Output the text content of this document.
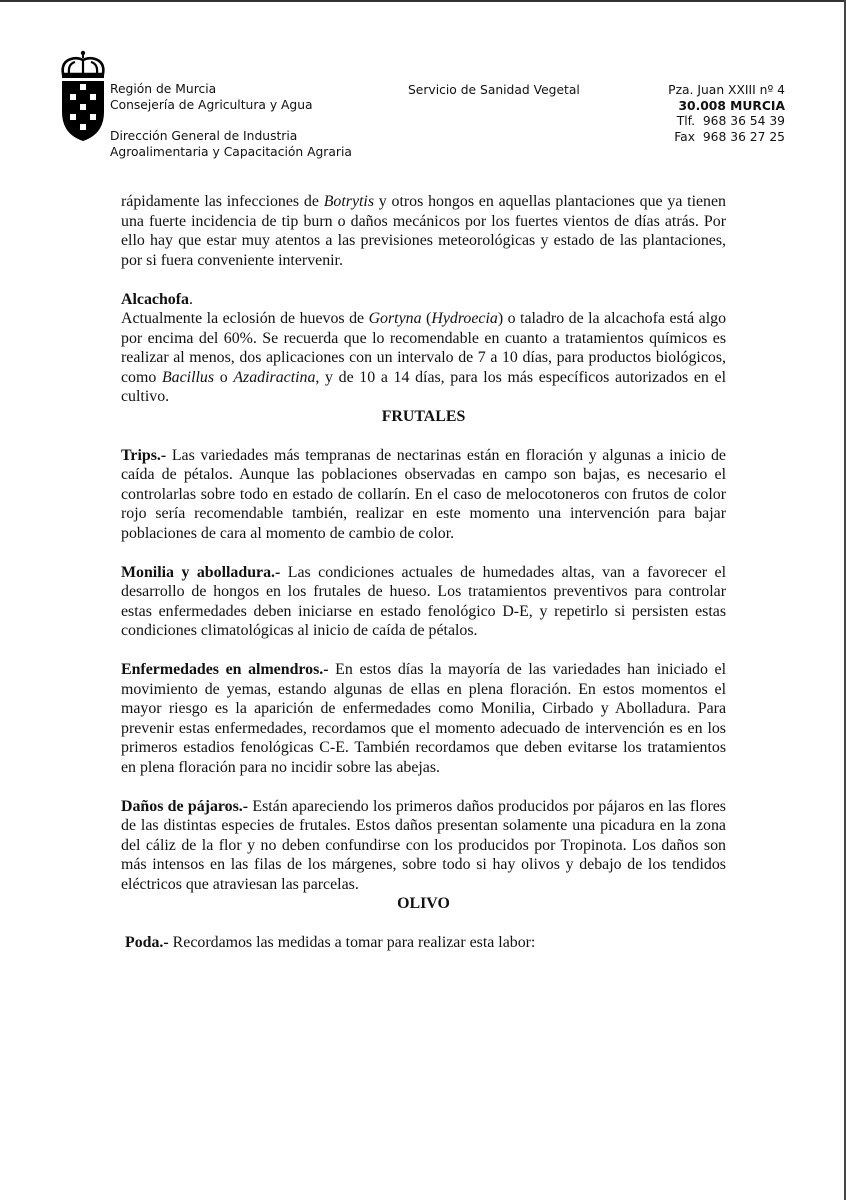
Región de Murcia
Consejería de Agricultura y Agua
Dirección General de Industria
Agroalimentaria y Capacitación Agraria
Servicio de Sanidad Vegetal	Pza. Juan XXIII nº 4
30.008 MURCIA
Tlf. 968 36 54 39
Fax 968 36 27 25

rápidamente las infecciones de Botrytis y otros hongos en aquellas plantaciones que ya tienen una fuerte incidencia de tip burn o daños mecánicos por los fuertes vientos de días atrás. Por ello hay que estar muy atentos a las previsiones meteorológicas y estado de las plantaciones, por si fuera conveniente intervenir.

Alcachofa.

Actualmente la eclosión de huevos de Gortyna (Hydroecia) o taladro de la alcachofa está algo por encima del 60%. Se recuerda que lo recomendable en cuanto a tratamientos químicos es realizar al menos, dos aplicaciones con un intervalo de 7 a 10 días, para productos biológicos, como Bacillus o Azadiractina, y de 10 a 14 días, para los más específicos autorizados en el cultivo.

FRUTALES

Trips.- Las variedades más tempranas de nectarinas están en floración y algunas a inicio de caída de pétalos. Aunque las poblaciones observadas en campo son bajas, es necesario el controlarlas sobre todo en estado de collarín. En el caso de melocotoneros con frutos de color rojo sería recomendable también, realizar en este momento una intervención para bajar poblaciones de cara al momento de cambio de color.

Monilia y abolladura.- Las condiciones actuales de humedades altas, van a favorecer el desarrollo de hongos en los frutales de hueso. Los tratamientos preventivos para controlar estas enfermedades deben iniciarse en estado fenológico D-E, y repetirlo si persisten estas condiciones climatológicas al inicio de caída de pétalos.

Enfermedades en almendros.- En estos días la mayoría de las variedades han iniciado el movimiento de yemas, estando algunas de ellas en plena floración. En estos momentos el mayor riesgo es la aparición de enfermedades como Monilia, Cirbado y Abolladura. Para prevenir estas enfermedades, recordamos que el momento adecuado de intervención es en los primeros estadios fenológicas C-E. También recordamos que deben evitarse los tratamientos en plena floración para no incidir sobre las abejas.

Daños de pájaros.- Están apareciendo los primeros daños producidos por pájaros en las flores de las distintas especies de frutales. Estos daños presentan solamente una picadura en la zona del cáliz de la flor y no deben confundirse con los producidos por Tropinota. Los daños son más intensos en las filas de los márgenes, sobre todo si hay olivos y debajo de los tendidos eléctricos que atraviesan las parcelas.

OLIVO

Poda.- Recordamos las medidas a tomar para realizar esta labor:
